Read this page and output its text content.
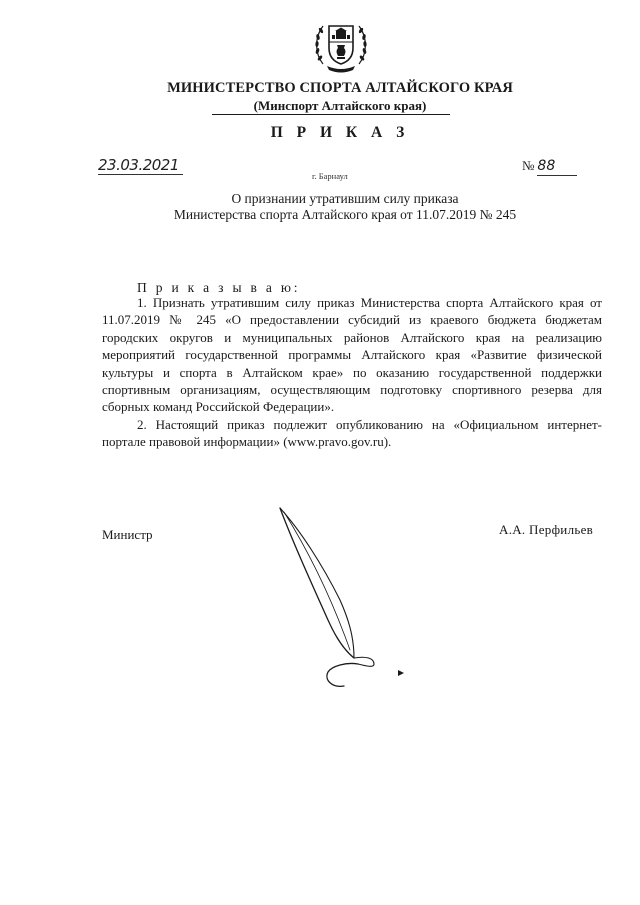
МИНИСТЕРСТВО СПОРТА АЛТАЙСКОГО КРАЯ
(Минспорт Алтайского края)
П Р И К А З
23.03.2021	№ 88
г. Барнаул
О признании утратившим силу приказа
Министерства спорта Алтайского края от 11.07.2019 № 245
П р и к а з ы в а ю:

1. Признать утратившим силу приказ Министерства спорта Алтайского края от 11.07.2019 № 245 «О предоставлении субсидий из краевого бюджета бюджетам городских округов и муниципальных районов Алтайского края на реализацию мероприятий государственной программы Алтайского края «Развитие физической культуры и спорта в Алтайском крае» по оказанию государственной поддержки спортивным организациям, осуществляющим подготовку спортивного резерва для сборных команд Российской Федерации».

2. Настоящий приказ подлежит опубликованию на «Официальном интернет-портале правовой информации» (www.pravo.gov.ru).

Министр	А.А. Перфильев
